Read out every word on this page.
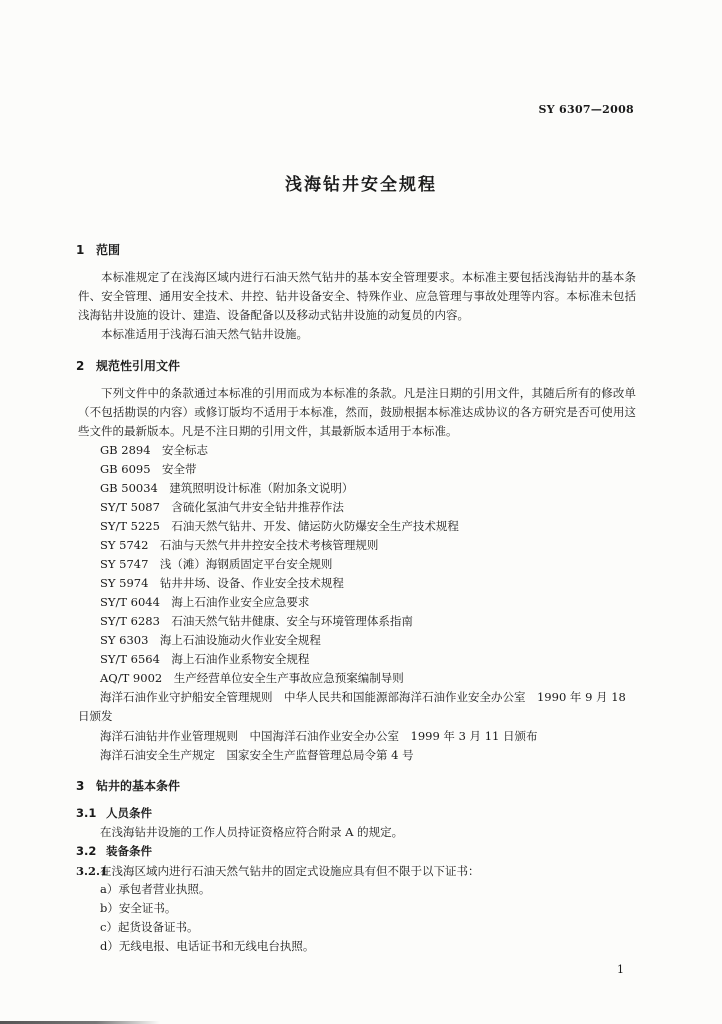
SY 6307—2008
浅海钻井安全规程
1 范围
本标准规定了在浅海区域内进行石油天然气钻井的基本安全管理要求。本标准主要包括浅海钻井的基本条件、安全管理、通用安全技术、井控、钻井设备安全、特殊作业、应急管理与事故处理等内容。本标准未包括浅海钻井设施的设计、建造、设备配备以及移动式钻井设施的动复员的内容。
本标准适用于浅海石油天然气钻井设施。
2 规范性引用文件
下列文件中的条款通过本标准的引用而成为本标准的条款。凡是注日期的引用文件，其随后所有的修改单（不包括勘误的内容）或修订版均不适用于本标准，然而，鼓励根据本标准达成协议的各方研究是否可使用这些文件的最新版本。凡是不注日期的引用文件，其最新版本适用于本标准。
GB 2894　安全标志
GB 6095　安全带
GB 50034　建筑照明设计标准（附加条文说明）
SY/T 5087　含硫化氢油气井安全钻井推荐作法
SY/T 5225　石油天然气钻井、开发、储运防火防爆安全生产技术规程
SY 5742　石油与天然气井井控安全技术考核管理规则
SY 5747　浅（滩）海钢质固定平台安全规则
SY 5974　钻井井场、设备、作业安全技术规程
SY/T 6044　海上石油作业安全应急要求
SY/T 6283　石油天然气钻井健康、安全与环境管理体系指南
SY 6303　海上石油设施动火作业安全规程
SY/T 6564　海上石油作业系物安全规程
AQ/T 9002　生产经营单位安全生产事故应急预案编制导则
海洋石油作业守护船安全管理规则　中华人民共和国能源部海洋石油作业安全办公室　1990 年 9 月 18 日颁发
海洋石油钻井作业管理规则　中国海洋石油作业安全办公室　1999 年 3 月 11 日颁布
海洋石油安全生产规定　国家安全生产监督管理总局令第 4 号
3 钻井的基本条件
3.1 人员条件
在浅海钻井设施的工作人员持证资格应符合附录 A 的规定。
3.2 装备条件
3.2.1在浅海区域内进行石油天然气钻井的固定式设施应具有但不限于以下证书：
a）承包者营业执照。
b）安全证书。
c）起货设备证书。
d）无线电报、电话证书和无线电台执照。
1
